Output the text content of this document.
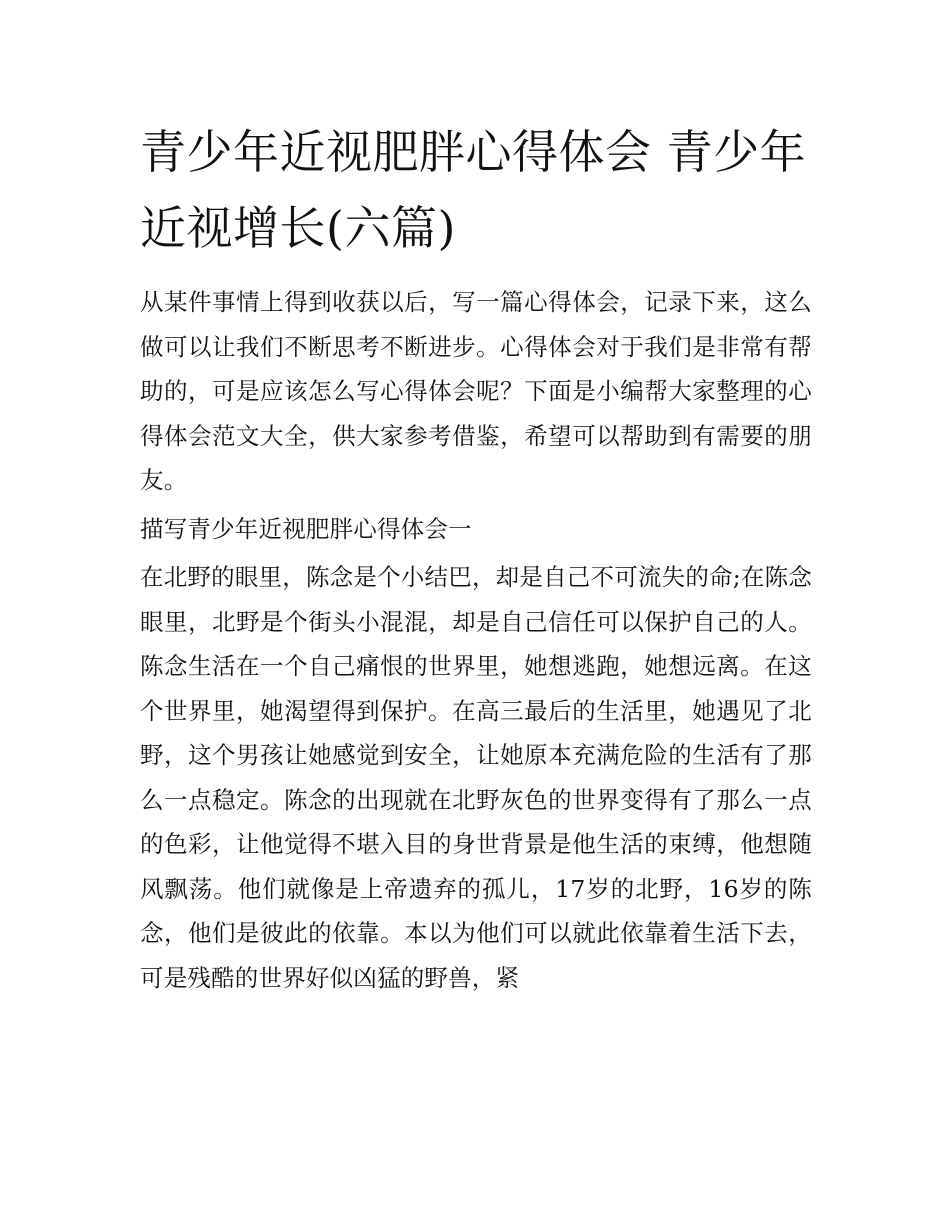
青少年近视肥胖心得体会 青少年近视增长(六篇)

从某件事情上得到收获以后，写一篇心得体会，记录下来，这么做可以让我们不断思考不断进步。心得体会对于我们是非常有帮助的，可是应该怎么写心得体会呢？下面是小编帮大家整理的心得体会范文大全，供大家参考借鉴，希望可以帮助到有需要的朋友。

描写青少年近视肥胖心得体会一

在北野的眼里，陈念是个小结巴，却是自己不可流失的命;在陈念眼里，北野是个街头小混混，却是自己信任可以保护自己的人。陈念生活在一个自己痛恨的世界里，她想逃跑，她想远离。在这个世界里，她渴望得到保护。在高三最后的生活里，她遇见了北野，这个男孩让她感觉到安全，让她原本充满危险的生活有了那么一点稳定。陈念的出现就在北野灰色的世界变得有了那么一点的色彩，让他觉得不堪入目的身世背景是他生活的束缚，他想随风飘荡。他们就像是上帝遗弃的孤儿，17岁的北野，16岁的陈念，他们是彼此的依靠。本以为他们可以就此依靠着生活下去，可是残酷的世界好似凶猛的野兽，紧
